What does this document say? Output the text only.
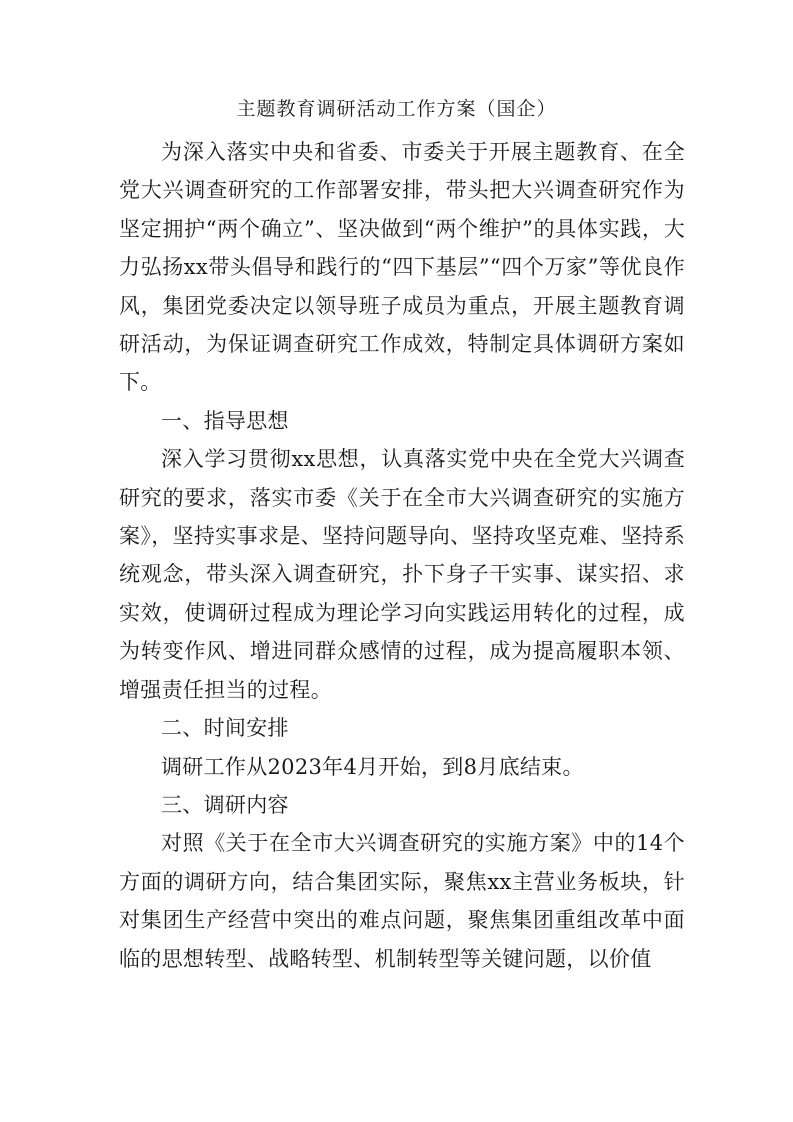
主题教育调研活动工作方案（国企）

为深入落实中央和省委、市委关于开展主题教育、在全党大兴调查研究的工作部署安排，带头把大兴调查研究作为坚定拥护“两个确立”、坚决做到“两个维护”的具体实践，大力弘扬xx带头倡导和践行的“四下基层”“四个万家”等优良作风，集团党委决定以领导班子成员为重点，开展主题教育调研活动，为保证调查研究工作成效，特制定具体调研方案如下。

一、指导思想

深入学习贯彻xx思想，认真落实党中央在全党大兴调查研究的要求，落实市委《关于在全市大兴调查研究的实施方案》，坚持实事求是、坚持问题导向、坚持攻坚克难、坚持系统观念，带头深入调查研究，扑下身子干实事、谋实招、求实效，使调研过程成为理论学习向实践运用转化的过程，成为转变作风、增进同群众感情的过程，成为提高履职本领、增强责任担当的过程。

二、时间安排

调研工作从2023年4月开始，到8月底结束。

三、调研内容

对照《关于在全市大兴调查研究的实施方案》中的14个方面的调研方向，结合集团实际，聚焦xx主营业务板块，针对集团生产经营中突出的难点问题，聚焦集团重组改革中面临的思想转型、战略转型、机制转型等关键问题，以价值
